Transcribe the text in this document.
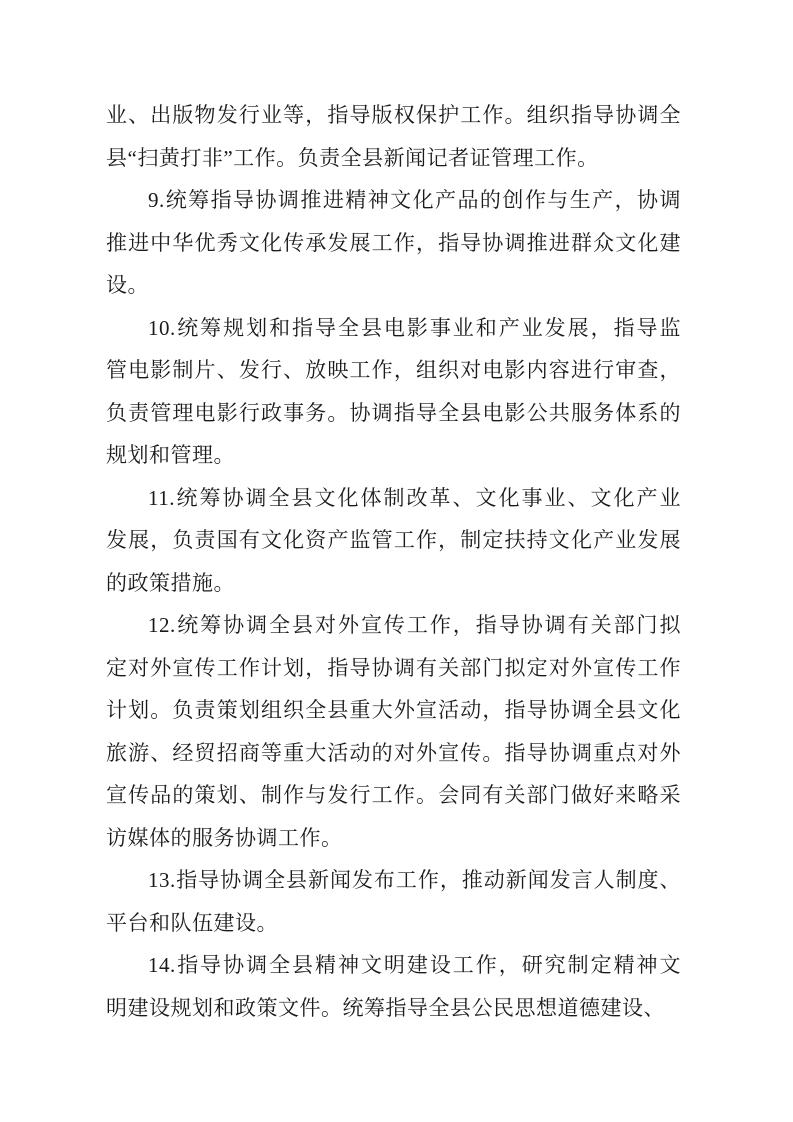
业、出版物发行业等，指导版权保护工作。组织指导协调全
县“扫黄打非”工作。负责全县新闻记者证管理工作。

9.统筹指导协调推进精神文化产品的创作与生产，协调
推进中华优秀文化传承发展工作，指导协调推进群众文化建
设。

10.统筹规划和指导全县电影事业和产业发展，指导监
管电影制片、发行、放映工作，组织对电影内容进行审查，
负责管理电影行政事务。协调指导全县电影公共服务体系的
规划和管理。

11.统筹协调全县文化体制改革、文化事业、文化产业
发展，负责国有文化资产监管工作，制定扶持文化产业发展
的政策措施。

12.统筹协调全县对外宣传工作，指导协调有关部门拟
定对外宣传工作计划，指导协调有关部门拟定对外宣传工作
计划。负责策划组织全县重大外宣活动，指导协调全县文化
旅游、经贸招商等重大活动的对外宣传。指导协调重点对外
宣传品的策划、制作与发行工作。会同有关部门做好来略采
访媒体的服务协调工作。

13.指导协调全县新闻发布工作，推动新闻发言人制度、
平台和队伍建设。

14.指导协调全县精神文明建设工作，研究制定精神文
明建设规划和政策文件。统筹指导全县公民思想道德建设、
